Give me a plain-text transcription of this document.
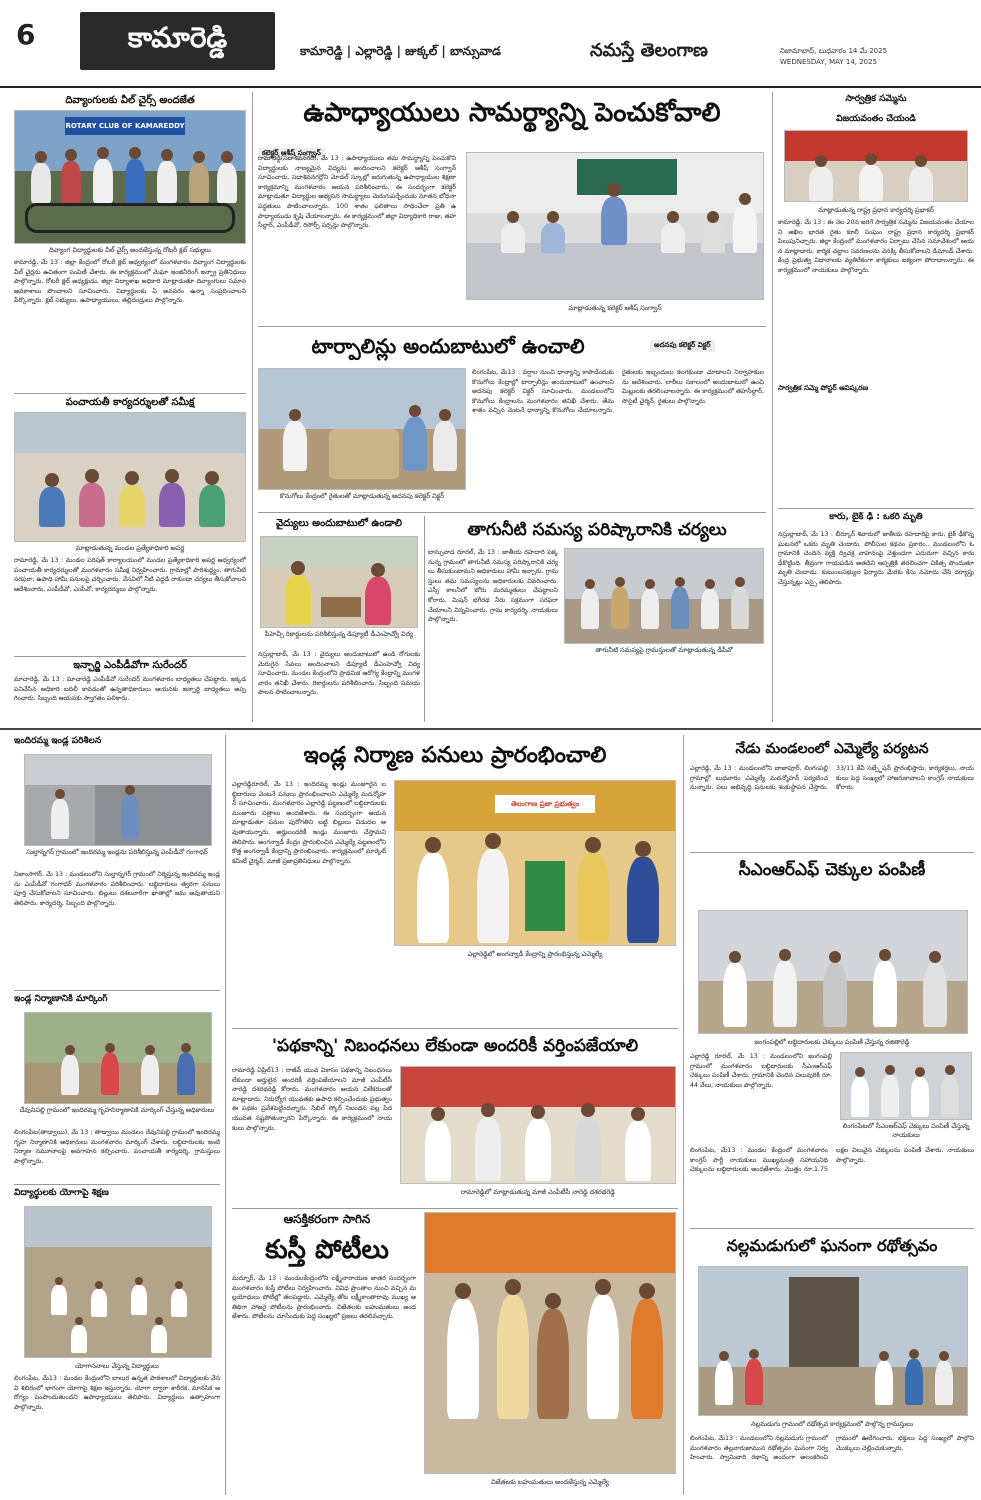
6	కామారెడ్డి	కామారెడ్డి | ఎల్లారెడ్డి | జుక్కల్ | బాన్సువాడ	నమస్తే తెలంగాణ	నిజామాబాద్, బుధవారం 14 మే 2025
WEDNESDAY, MAY 14, 2025
దివ్యాంగులకు వీల్ చైర్స్ అందజేత
ROTARY CLUB OF KAMAREDDY
దివ్యాంగ విద్యార్థులకు వీల్ చైర్స్ అందజేస్తున్న రోటరీ క్లబ్ సభ్యులు
కామారెడ్డి, మే 13 : జిల్లా కేంద్రంలో రోటరీ క్లబ్ ఆధ్వర్యంలో మంగళవారం దివ్యాంగ విద్యార్థులకు వీల్ చైర్లను ఉచితంగా పంపిణీ చేశారు. ఈ కార్యక్రమంలో మెఘా ఇంజినీరింగ్ ఇన్ఫ్రా ప్రతినిధులు పాల్గొన్నారు. రోటరీ క్లబ్ అధ్యక్షుడు, జిల్లా విద్యాశాఖ అధికారి మాట్లాడుతూ దివ్యాంగులు సమాన అవకాశాలు పొందాలని సూచించారు. విద్యార్థులకు ఏ అవసరం ఉన్నా సంప్రదించాలని పేర్కొన్నారు. క్లబ్ సభ్యులు, ఉపాధ్యాయులు, తల్లిదండ్రులు పాల్గొన్నారు.
పంచాయతీ కార్యదర్శులతో సమీక్ష
మాట్లాడుతున్న మండల ప్రత్యేకాధికారి అపర్ణ
రామారెడ్డి, మే 13 : మండల పరిషత్ కార్యాలయంలో మండల ప్రత్యేకాధికారి అపర్ణ ఆధ్వర్యంలో పంచాయతీ కార్యదర్శులతో మంగళవారం సమీక్ష నిర్వహించారు. గ్రామాల్లో పారిశుద్ధ్యం, తాగునీటి సరఫరా, ఉపాధి హామీ పనులపై చర్చించారు. వేసవిలో నీటి ఎద్దడి రాకుండా చర్యలు తీసుకోవాలని ఆదేశించారు. ఎంపీడీవో, ఎంపీవో, కార్యదర్శులు పాల్గొన్నారు.
ఇన్చార్జి ఎంపీడీవోగా సురేందర్
మాచారెడ్డి, మే 13 : మాచారెడ్డి ఎంపీడీవో సురేందర్ మంగళవారం బాధ్యతలు చేపట్టారు. ఇక్కడ పనిచేసిన అధికారి బదిలీ కావడంతో ఉన్నతాధికారులు ఆయనకు ఇన్చార్జి బాధ్యతలు అప్పగించారు. సిబ్బంది ఆయనకు స్వాగతం పలికారు.
ఉపాధ్యాయులు సామర్థ్యాన్ని పెంచుకోవాలి
కలెక్టర్ ఆశీష్ సంగ్వాన్
రామారెడ్డి(సదాశివనగర్), మే 13 : ఉపాధ్యాయులు తమ సామర్థ్యాన్ని పెంచుకొని విద్యార్థులకు నాణ్యమైన విద్యను అందించాలని కలెక్టర్ ఆశీష్ సంగ్వాన్ సూచించారు. సదాశివనగర్లోని మోడల్ స్కూల్లో జరుగుతున్న ఉపాధ్యాయుల శిక్షణా కార్యక్రమాన్ని మంగళవారం ఆయన పరిశీలించారు. ఈ సందర్భంగా కలెక్టర్ మాట్లాడుతూ విద్యార్థుల అభ్యసన సామర్థ్యాలు మెరుగుపర్చేందుకు నూతన బోధనా పద్ధతులు పాటించాలన్నారు. 100 శాతం ఫలితాలు సాధించేలా ప్రతి ఉపాధ్యాయుడు కృషి చేయాలన్నారు. ఈ కార్యక్రమంలో జిల్లా విద్యాధికారి రాజు, తహసీల్దార్, ఎంపీడీవో, రిసోర్స్ పర్సన్లు పాల్గొన్నారు.
మాట్లాడుతున్న కలెక్టర్ ఆశీష్ సంగ్వాన్
టార్పాలిన్లు అందుబాటులో ఉంచాలి	అదనపు కలెక్టర్ విక్టర్
కొనుగోలు కేంద్రంలో రైతులతో మాట్లాడుతున్న అదనపు కలెక్టర్ విక్టర్
లింగంపేట, మే13 : వర్షాల నుంచి ధాన్యాన్ని కాపాడేందుకు కొనుగోలు కేంద్రాల్లో టార్పాలిన్లు అందుబాటులో ఉంచాలని అదనపు కలెక్టర్ విక్టర్ సూచించారు. మండలంలోని కొనుగోలు కేంద్రాలను మంగళవారం తనిఖీ చేశారు. తేమ శాతం వచ్చిన వెంటనే ధాన్యాన్ని కొనుగోలు చేయాలన్నారు. రైతులకు ఇబ్బందులు కలగకుండా చూడాలని నిర్వాహకులను ఆదేశించారు. లారీలు సకాలంలో అందుబాటులో ఉంచి మిల్లులకు తరలించాలన్నారు. ఈ కార్యక్రమంలో తహసీల్దార్, సొసైటీ చైర్మన్, రైతులు పాల్గొన్నారు.
వైద్యులు అందుబాటులో ఉండాలి
పీహెచ్సీ రికార్డులను పరిశీలిస్తున్న డిప్యూటీ డీఎంహెచ్వో విద్య
నస్రుల్లాబాద్, మే 13 : వైద్యులు అందుబాటులో ఉండి రోగులకు మెరుగైన సేవలు అందించాలని డిప్యూటీ డీఎంహెచ్వో విద్య సూచించారు. మండల కేంద్రంలోని ప్రాథమిక ఆరోగ్య కేంద్రాన్ని మంగళవారం తనిఖీ చేశారు. రికార్డులను పరిశీలించారు. సిబ్బంది సమయపాలన పాటించాలన్నారు.
తాగునీటి సమస్య పరిష్కారానికి చర్యలు
బాన్సువాడ రూరల్, మే 13 : జాతీయ రహదారి పక్కనున్న గ్రామంలో తాగునీటి సమస్య పరిష్కారానికి చర్యలు తీసుకుంటామని అధికారులు హామీ ఇచ్చారు. గ్రామస్తులు తమ సమస్యలను అధికారులకు వివరించారు. ఎస్సీ కాలనీలో బోరు మరమ్మతులు చేపట్టాలని కోరారు. మిషన్ భగీరథ నీరు సక్రమంగా సరఫరా చేయాలని విన్నవించారు. గ్రామ కార్యదర్శి, నాయకులు పాల్గొన్నారు.
తాగునీటి సమస్యపై గ్రామస్తులతో మాట్లాడుతున్న డీపీవో
సార్వత్రిక సమ్మెను
విజయవంతం చేయండి
మాట్లాడుతున్న రాష్ట్ర ప్రధాన కార్యదర్శి ప్రభాకర్
కామారెడ్డి, మే 13 : ఈ నెల 20న జరిగే సార్వత్రిక సమ్మెను విజయవంతం చేయాలని అఖిల భారత రైతు కూలీ సంఘం రాష్ట్ర ప్రధాన కార్యదర్శి ప్రభాకర్ పిలుపునిచ్చారు. జిల్లా కేంద్రంలో మంగళవారం ఏర్పాటు చేసిన సమావేశంలో ఆయన మాట్లాడారు. కార్మిక చట్టాల సవరణలను వెనక్కి తీసుకోవాలని డిమాండ్ చేశారు. కేంద్ర ప్రభుత్వ విధానాలకు వ్యతిరేకంగా కార్మికులు ఐక్యంగా పోరాడాలన్నారు. ఈ కార్యక్రమంలో నాయకులు పాల్గొన్నారు.
సార్వత్రిక సమ్మె పోస్టర్ ఆవిష్కరణ
కారు, బైక్ ఢీ : ఒకరి మృతి
నస్రుల్లాబాద్, మే 13 : బీర్కూర్ శివారులో జాతీయ రహదారిపై కారు, బైక్ ఢీకొన్న ఘటనలో ఒకరు మృతి చెందారు. పోలీసుల కథనం ప్రకారం.. మండలంలోని ఓ గ్రామానికి చెందిన వ్యక్తి ద్విచక్ర వాహనంపై వెళ్తుండగా ఎదురుగా వచ్చిన కారు ఢీకొట్టింది. తీవ్రంగా గాయపడిన అతడిని ఆస్పత్రికి తరలించగా చికిత్స పొందుతూ మృతి చెందాడు. కుటుంబసభ్యుల ఫిర్యాదు మేరకు కేసు నమోదు చేసి దర్యాప్తు చేస్తున్నట్లు ఎస్సై తెలిపారు.
ఇందిరమ్మ ఇండ్ల పరిశీలన
సుల్తాన్నగర్ గ్రామంలో ఇందిరమ్మ ఇండ్లను పరిశీలిస్తున్న ఎంపీడీవో గంగాధర్
నిజాంసాగర్, మే 13 : మండలంలోని సుల్తాన్నగర్ గ్రామంలో నిర్మిస్తున్న ఇందిరమ్మ ఇండ్లను ఎంపీడీవో గంగాధర్ మంగళవారం పరిశీలించారు. లబ్ధిదారులు త్వరగా పనులు పూర్తి చేసుకోవాలని సూచించారు. బిల్లులు దశలవారీగా ఖాతాల్లో జమ అవుతాయని తెలిపారు. కార్యదర్శి, సిబ్బంది పాల్గొన్నారు.
ఇండ్ల నిర్మాణానికి మార్కింగ్
దేవునిపల్లి గ్రామంలో ఇందిరమ్మ గృహనిర్మాణానికి మార్కింగ్ చేస్తున్న అధికారులు
లింగంపేట(తాడ్వాయి), మే 13 : తాడ్వాయి మండలం దేవునిపల్లి గ్రామంలో ఇందిరమ్మ గృహ నిర్మాణానికి అధికారులు మంగళవారం మార్కింగ్ చేశారు. లబ్ధిదారులకు ఇంటి నిర్మాణ నమూనాలపై అవగాహన కల్పించారు. పంచాయతీ కార్యదర్శి, గ్రామస్తులు పాల్గొన్నారు.
విద్యార్థులకు యోగాపై శిక్షణ
యోగాసనాలు వేస్తున్న విద్యార్థులు
లింగంపేట, మే13 : మండల కేంద్రంలోని బాలుర ఉన్నత పాఠశాలలో విద్యార్థులకు వేసవి శిబిరంలో భాగంగా యోగాపై శిక్షణ ఇస్తున్నారు. యోగా ద్వారా శారీరక, మానసిక ఆరోగ్యం పెంపొందుతుందని ఉపాధ్యాయులు తెలిపారు. విద్యార్థులు ఉత్సాహంగా పాల్గొన్నారు.
ఇండ్ల నిర్మాణ పనులు ప్రారంభించాలి
ఎల్లారెడ్డిరూరల్, మే 13 : ఇందిరమ్మ ఇండ్లు మంజూరైన లబ్ధిదారులు వెంటనే పనులు ప్రారంభించాలని ఎమ్మెల్యే మదన్మోహన్ సూచించారు. మంగళవారం ఎల్లారెడ్డి పట్టణంలో లబ్ధిదారులకు మంజూరు పత్రాలు అందజేశారు. ఈ సందర్భంగా ఆయన మాట్లాడుతూ పనుల పురోగతిని బట్టి బిల్లులు విడుదల అవుతాయన్నారు. అర్హులందరికీ ఇండ్లు మంజూరు చేస్తామని తెలిపారు. అంగన్వాడీ కేంద్రం ప్రారంభించిన ఎమ్మెల్యే పట్టణంలోని కొత్త అంగన్వాడీ కేంద్రాన్ని ప్రారంభించారు. కార్యక్రమంలో మార్కెట్ కమిటీ చైర్మన్, మాజీ ప్రజాప్రతినిధులు పాల్గొన్నారు.
తెలంగాణ ప్రజా ప్రభుత్వం
ఎల్లారెడ్డిలో అంగన్వాడీ కేంద్రాన్ని ప్రారంభిస్తున్న ఎమ్మెల్యే
'పథకాన్ని' నిబంధనలు లేకుండా అందరికీ వర్తింపజేయాలి
రామారెడ్డి ఏప్రిల్13 : రాజీవ్ యువ వికాసం పథకాన్ని నిబంధనలు లేకుండా అర్హులైన అందరికీ వర్తింపజేయాలని మాజీ ఎంపీటీసీ నారెడ్డి దశరథరెడ్డి కోరారు. మంగళవారం ఆయన విలేకరులతో మాట్లాడారు. నిరుద్యోగ యువతకు ఉపాధి కల్పించేందుకు ప్రభుత్వం ఈ పథకం ప్రవేశపెట్టిందన్నారు. సిబిల్ స్కోర్ నిబంధన వల్ల పేద యువత నష్టపోతున్నారని పేర్కొన్నారు. ఈ కార్యక్రమంలో నాయకులు పాల్గొన్నారు.
రామారెడ్డిలో మాట్లాడుతున్న మాజీ ఎంపీటీసీ నారెడ్డి దశరథరెడ్డి
ఆసక్తికరంగా సాగిన
కుస్తీ పోటీలు
మద్నూర్, మే 13 : మండలకేంద్రంలోని లక్ష్మీనారాయణ జాతర సందర్భంగా మంగళవారం కుస్తీ పోటీలు నిర్వహించారు. వివిధ ప్రాంతాల నుంచి వచ్చిన మల్లయోధులు పోటీల్లో తలపడ్డారు. ఎమ్మెల్యే తోట లక్ష్మీకాంతారావు ముఖ్య అతిథిగా హాజరై పోటీలను ప్రారంభించారు. విజేతలకు బహుమతులు అందజేశారు. పోటీలను చూసేందుకు పెద్ద సంఖ్యలో ప్రజలు తరలివచ్చారు.
విజేతలకు బహుమతులు అందజేస్తున్న ఎమ్మెల్యే
నేడు మండలంలో ఎమ్మెల్యే పర్యటన
ఎల్లారెడ్డి, మే 13 : మండలంలోని బాజాపూర్, లింగంపల్లి గ్రామాల్లో బుధవారం ఎమ్మెల్యే మదన్మోహన్ పర్యటించనున్నారు. పలు అభివృద్ధి పనులకు శంకుస్థాపన చేస్తారు. 33/11 కేవీ సబ్స్టేషన్ ప్రారంభిస్తారు. కార్యకర్తలు, నాయకులు పెద్ద సంఖ్యలో హాజరుకావాలని కాంగ్రెస్ నాయకులు కోరారు.
సీఎంఆర్ఎఫ్ చెక్కుల పంపిణీ
జంగంపల్లిలో లబ్ధిదారులకు చెక్కులు పంపిణీ చేస్తున్న రజితారెడ్డి
ఎల్లారెడ్డి రూరల్, మే 13 : మండలంలోని జంగంపల్లి గ్రామంలో మంగళవారం లబ్ధిదారులకు సీఎంఆర్ఎఫ్ చెక్కులు పంపిణీ చేశారు. గ్రామానికి చెందిన పలువురికి రూ.44 వేలు, నాయకులు పాల్గొన్నారు.
లింగంపేటలో సీఎంఆర్ఎఫ్ చెక్కులు పంపిణీ చేస్తున్న నాయకులు
లింగంపేట, మే13 : మండల కేంద్రంలో మంగళవారం కాంగ్రెస్ పార్టీ నాయకులు ముఖ్యమంత్రి సహాయనిధి చెక్కులను లబ్ధిదారులకు అందజేశారు. మొత్తం రూ.1.75 లక్షల విలువైన చెక్కులను పంపిణీ చేశారు. నాయకులు పాల్గొన్నారు.
నల్లమడుగులో ఘనంగా రథోత్సవం
నల్లమడుగు గ్రామంలో రథోత్సవ కార్యక్రమంలో పాల్గొన్న గ్రామస్తులు
లింగంపేట, మే13 : మండలంలోని నల్లమడుగు గ్రామంలో మంగళవారం తెల్లవారుజామున రథోత్సవం ఘనంగా నిర్వహించారు. స్వామివారి రథాన్ని అందంగా అలంకరించి గ్రామంలో ఊరేగించారు. భక్తులు పెద్ద సంఖ్యలో పాల్గొని మొక్కులు చెల్లించుకున్నారు.
